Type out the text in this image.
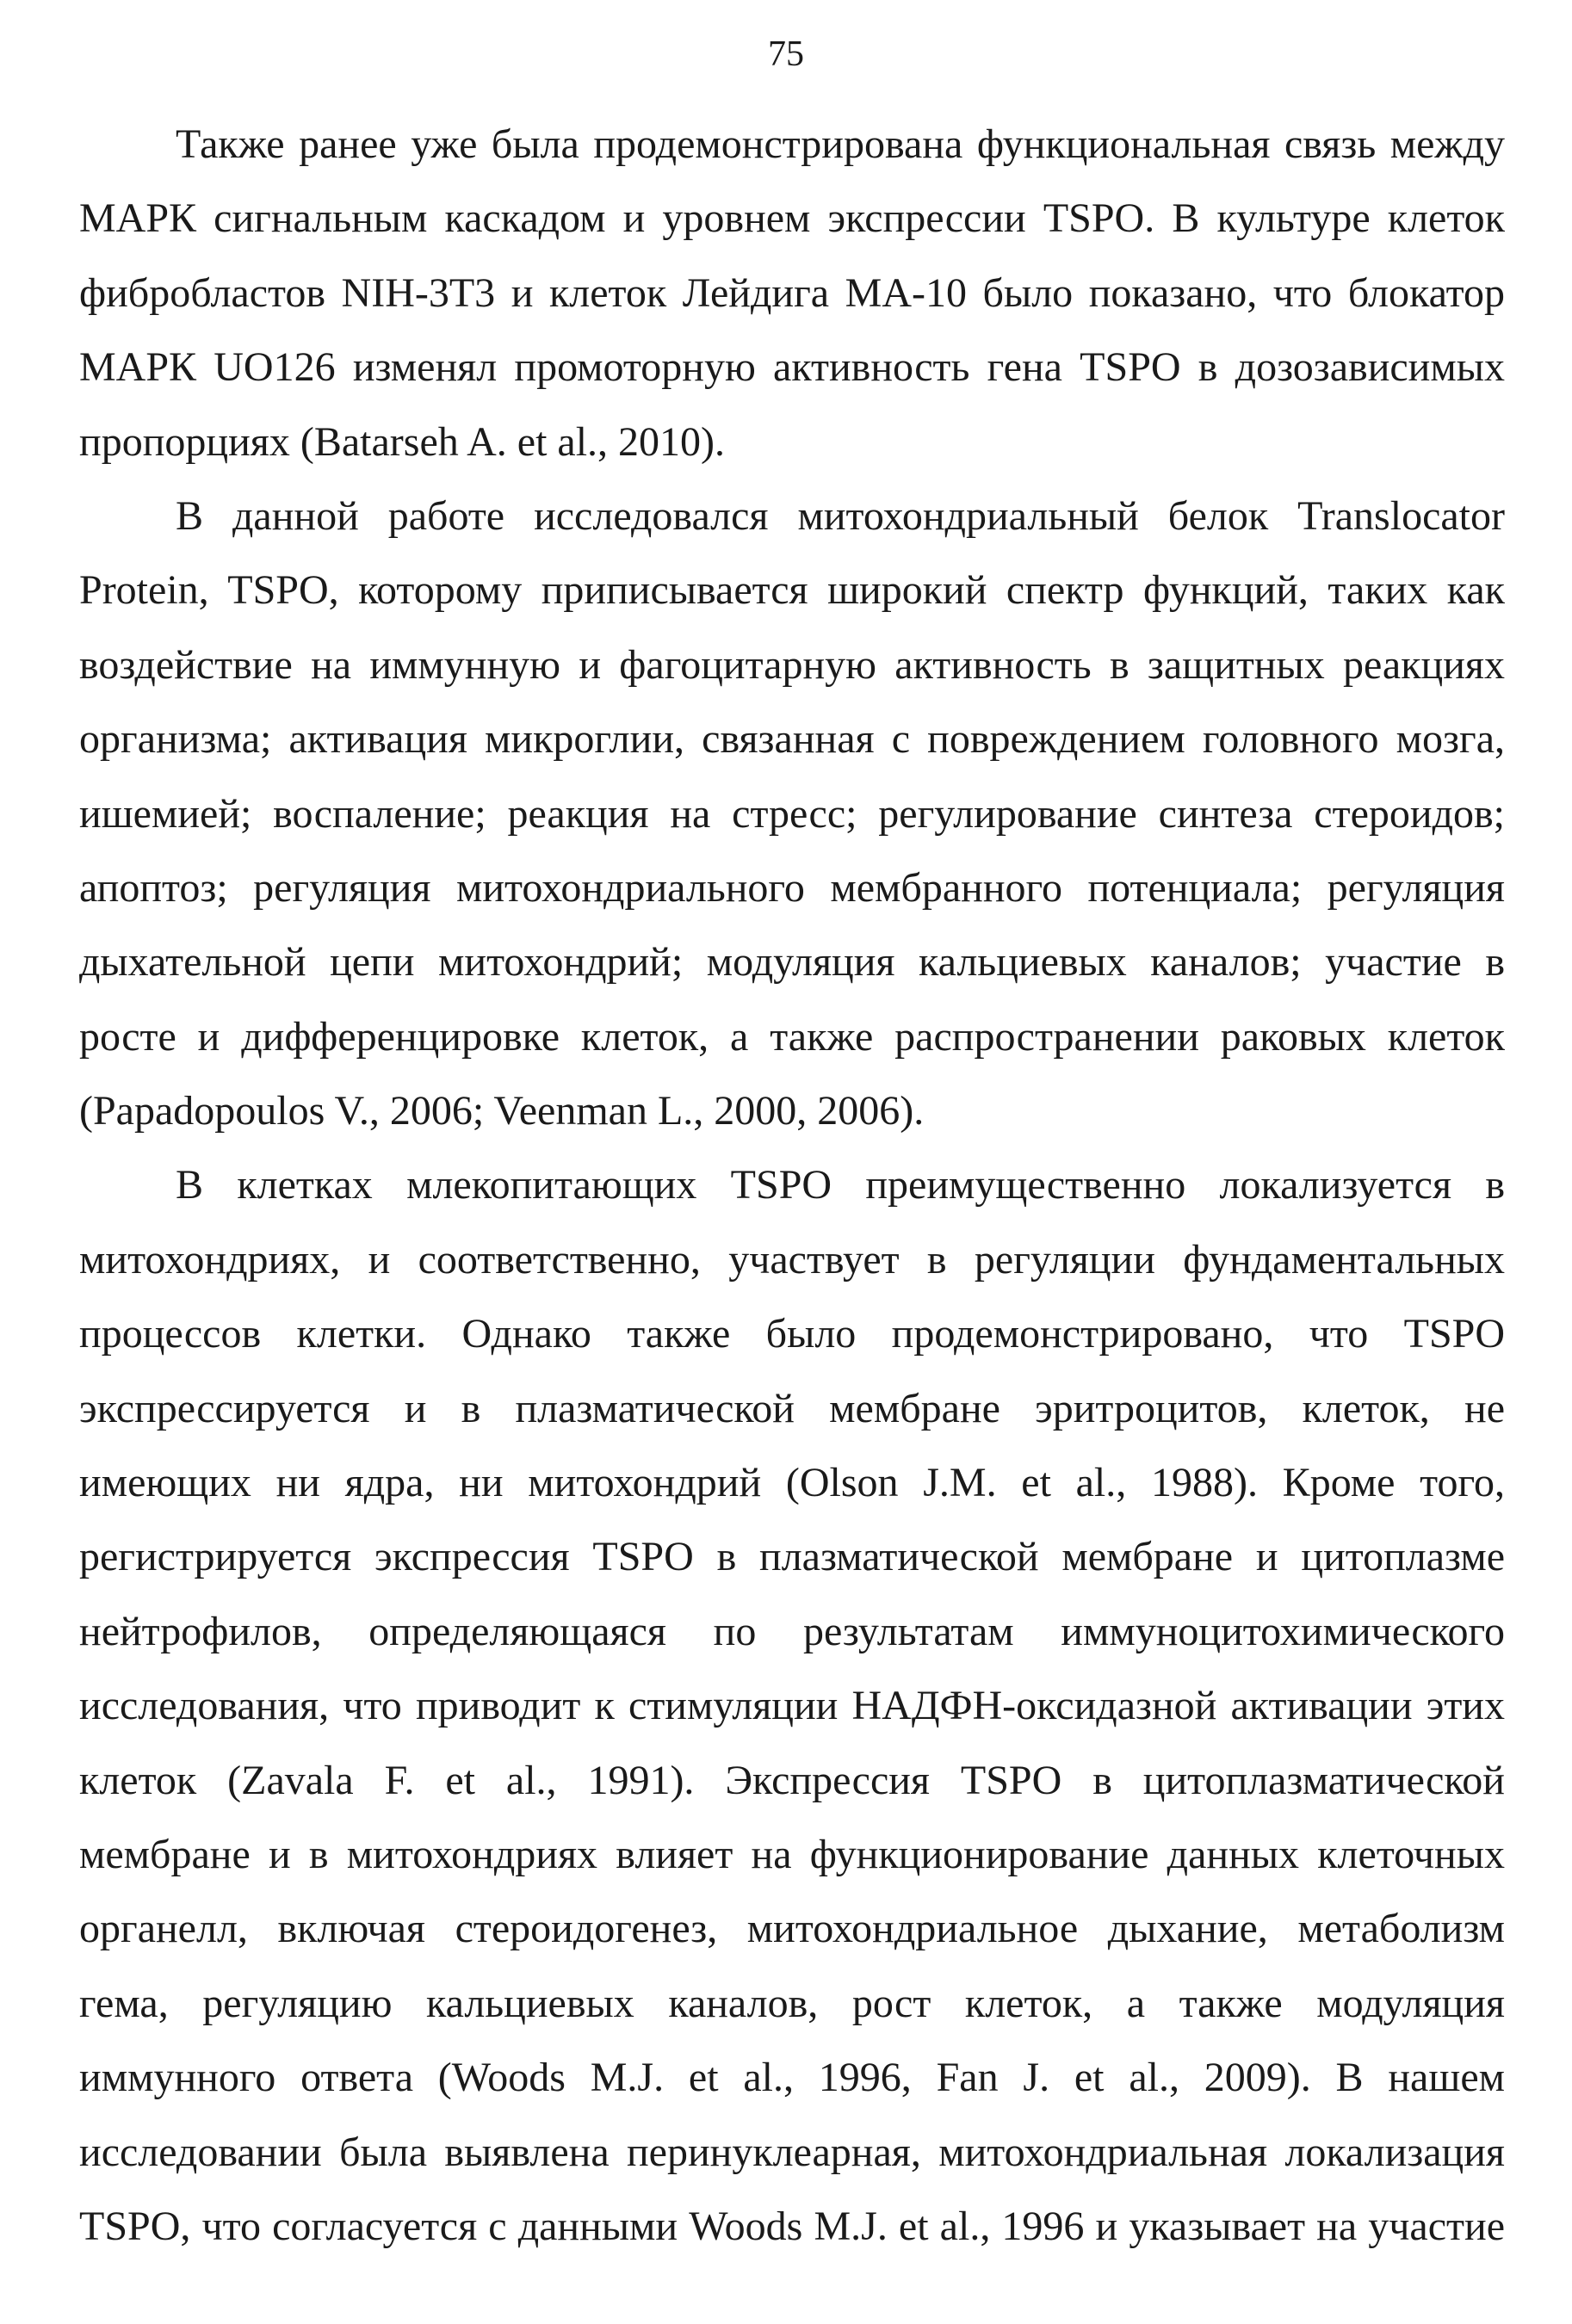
75
Также ранее уже была продемонстрирована функциональная связь между
МАРК сигнальным каскадом и уровнем экспрессии TSPO. В культуре клеток
фибробластов NIH-3T3 и клеток Лейдига МА-10 было показано, что блокатор
МАРК UO126 изменял промоторную активность гена TSPO в дозозависимых
пропорциях (Batarseh A. et al., 2010).
В данной работе исследовался митохондриальный белок Translocator
Protein, TSPO, которому приписывается широкий спектр функций, таких как
воздействие на иммунную и фагоцитарную активность в защитных реакциях
организма; активация микроглии, связанная с повреждением головного мозга,
ишемией; воспаление; реакция на стресс; регулирование синтеза стероидов;
апоптоз; регуляция митохондриального мембранного потенциала; регуляция
дыхательной цепи митохондрий; модуляция кальциевых каналов; участие в
росте и дифференцировке клеток, а также распространении раковых клеток
(Papadopoulos V., 2006; Veenman L., 2000, 2006).
В клетках млекопитающих TSPO преимущественно локализуется в
митохондриях, и соответственно, участвует в регуляции фундаментальных
процессов клетки. Однако также было продемонстрировано, что TSPO
экспрессируется и в плазматической мембране эритроцитов, клеток, не
имеющих ни ядра, ни митохондрий (Olson J.M. et al., 1988). Кроме того,
регистрируется экспрессия TSPO в плазматической мембране и цитоплазме
нейтрофилов, определяющаяся по результатам иммуноцитохимического
исследования, что приводит к стимуляции НАДФН-оксидазной активации этих
клеток (Zavala F. et al., 1991). Экспрессия TSPO в цитоплазматической
мембране и в митохондриях влияет на функционирование данных клеточных
органелл, включая стероидогенез, митохондриальное дыхание, метаболизм
гема, регуляцию кальциевых каналов, рост клеток, а также модуляция
иммунного ответа (Woods M.J. et al., 1996, Fan J. et al., 2009). В нашем
исследовании была выявлена перинуклеарная, митохондриальная локализация
TSPO, что согласуется с данными Woods M.J. et al., 1996 и указывает на участие
